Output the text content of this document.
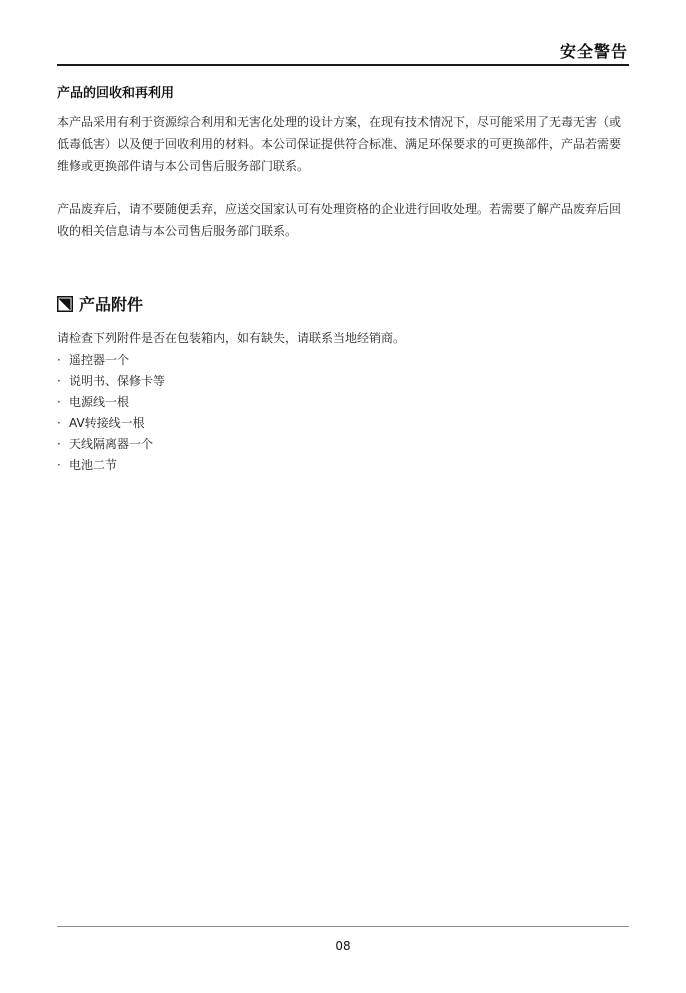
安全警告
产品的回收和再利用
本产品采用有利于资源综合利用和无害化处理的设计方案，在现有技术情况下，尽可能采用了无毒无害（或低毒低害）以及便于回收利用的材料。本公司保证提供符合标准、满足环保要求的可更换部件，产品若需要维修或更换部件请与本公司售后服务部门联系。
产品废弃后，请不要随便丢弃，应送交国家认可有处理资格的企业进行回收处理。若需要了解产品废弃后回收的相关信息请与本公司售后服务部门联系。
产品附件
请检查下列附件是否在包装箱内，如有缺失，请联系当地经销商。
· 遥控器一个
· 说明书、保修卡等
· 电源线一根
· AV转接线一根
· 天线隔离器一个
· 电池二节
08
